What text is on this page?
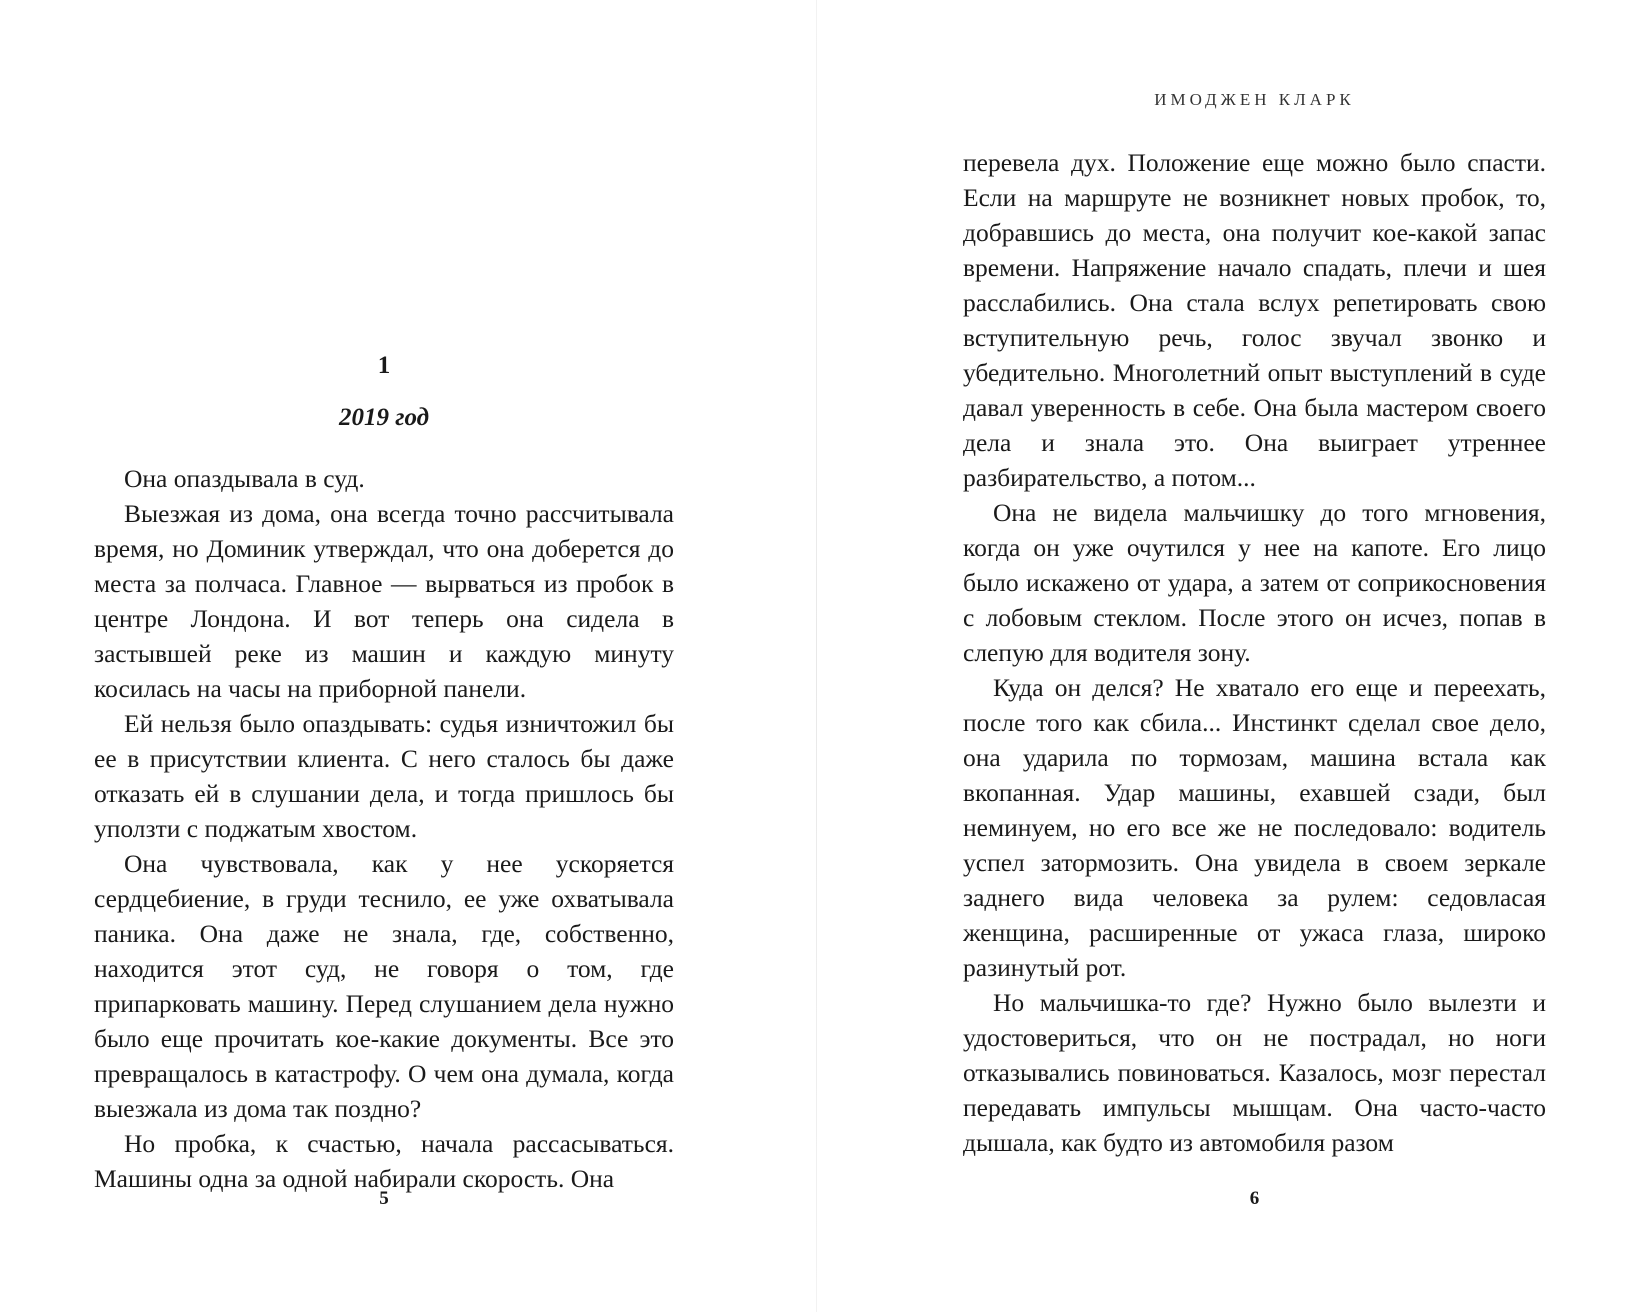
1
2019 год

Она опаздывала в суд.

Выезжая из дома, она всегда точно рассчитывала время, но Доминик утверждал, что она доберется до места за полчаса. Главное — вырваться из пробок в центре Лондона. И вот теперь она сидела в застывшей реке из машин и каждую минуту косилась на часы на приборной панели.

Ей нельзя было опаздывать: судья изничтожил бы ее в присутствии клиента. С него сталось бы даже отказать ей в слушании дела, и тогда пришлось бы уползти с поджатым хвостом.

Она чувствовала, как у нее ускоряется сердцебиение, в груди теснило, ее уже охватывала паника. Она даже не знала, где, собственно, находится этот суд, не говоря о том, где припарковать машину. Перед слушанием дела нужно было еще прочитать кое-какие документы. Все это превращалось в катастрофу. О чем она думала, когда выезжала из дома так поздно?

Но пробка, к счастью, начала рассасываться. Машины одна за одной набирали скорость. Она

5
ИМОДЖЕН КЛАРК

перевела дух. Положение еще можно было спасти. Если на маршруте не возникнет новых пробок, то, добравшись до места, она получит кое-какой запас времени. Напряжение начало спадать, плечи и шея расслабились. Она стала вслух репетировать свою вступительную речь, голос звучал звонко и убедительно. Многолетний опыт выступлений в суде давал уверенность в себе. Она была мастером своего дела и знала это. Она выиграет утреннее разбирательство, а потом...

Она не видела мальчишку до того мгновения, когда он уже очутился у нее на капоте. Его лицо было искажено от удара, а затем от соприкосновения с лобовым стеклом. После этого он исчез, попав в слепую для водителя зону.

Куда он делся? Не хватало его еще и переехать, после того как сбила... Инстинкт сделал свое дело, она ударила по тормозам, машина встала как вкопанная. Удар машины, ехавшей сзади, был неминуем, но его все же не последовало: водитель успел затормозить. Она увидела в своем зеркале заднего вида человека за рулем: седовласая женщина, расширенные от ужаса глаза, широко разинутый рот.

Но мальчишка-то где? Нужно было вылезти и удостовериться, что он не пострадал, но ноги отказывались повиноваться. Казалось, мозг перестал передавать импульсы мышцам. Она часто-часто дышала, как будто из автомобиля разом

6
